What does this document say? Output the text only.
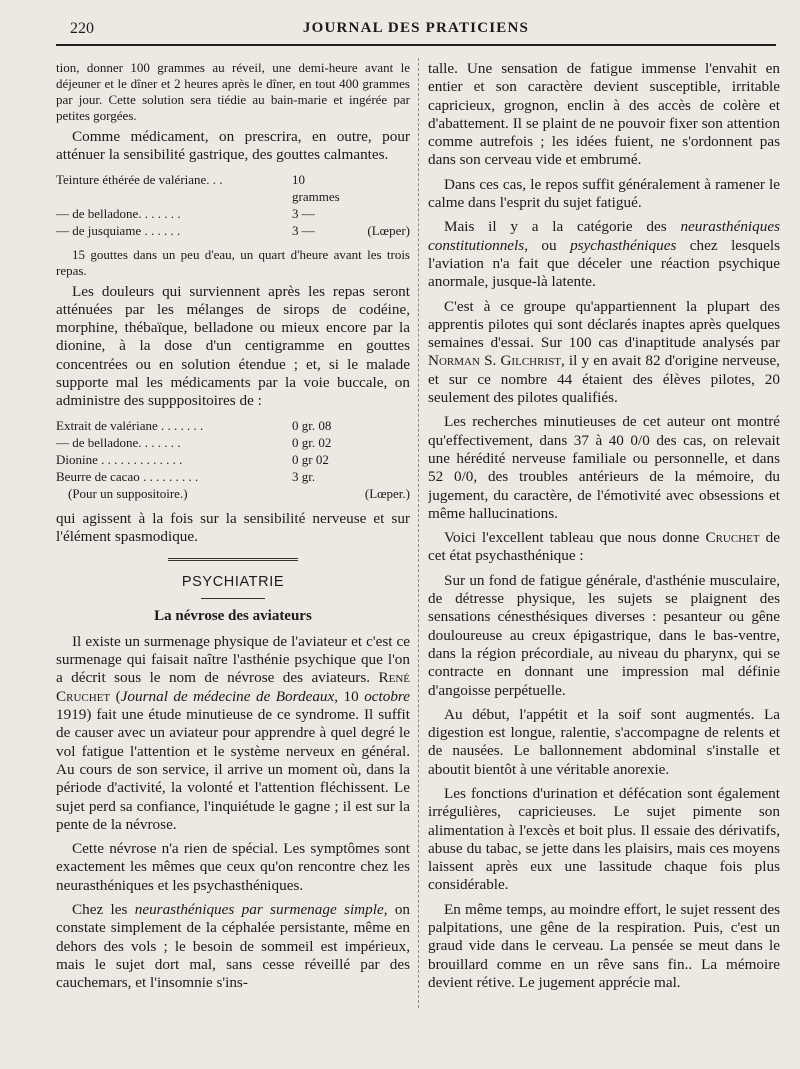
220	JOURNAL DES PRATICIENS

tion, donner 100 grammes au réveil, une demi-heure avant le déjeuner et le dîner et 2 heures après le dîner, en tout 400 grammes par jour. Cette solution sera tiédie au bain-marie et ingérée par petites gorgées.

Comme médicament, on prescrira, en outre, pour atténuer la sensibilité gastrique, des gouttes calmantes.

Teinture éthérée de valériane. . .	10 grammes
— de belladone. . . . . . .	3 —
— de jusquiame . . . . . .	3 —	(Lœper)

15 gouttes dans un peu d'eau, un quart d'heure avant les trois repas.

Les douleurs qui surviennent après les repas seront atténuées par les mélanges de sirops de codéine, morphine, thébaïque, belladone ou mieux encore par la dionine, à la dose d'un centigramme en gouttes concentrées ou en solution étendue ; et, si le malade supporte mal les médicaments par la voie buccale, on administre des supppositoires de :

Extrait de valériane . . . . . . .	0 gr. 08
— de belladone. . . . . . .	0 gr. 02
Dionine . . . . . . . . . . . . .	0 gr 02
Beurre de cacao . . . . . . . . .	3 gr.
(Pour un suppositoire.)	(Lœper.)

qui agissent à la fois sur la sensibilité nerveuse et sur l'élément spasmodique.

PSYCHIATRIE
La névrose des aviateurs

Il existe un surmenage physique de l'aviateur et c'est ce surmenage qui faisait naître l'asthénie psychique que l'on a décrit sous le nom de névrose des aviateurs. René Cruchet (Journal de médecine de Bordeaux, 10 octobre 1919) fait une étude minutieuse de ce syndrome. Il suffit de causer avec un aviateur pour apprendre à quel degré le vol fatigue l'attention et le système nerveux en général. Au cours de son service, il arrive un moment où, dans la période d'activité, la volonté et l'attention fléchissent. Le sujet perd sa confiance, l'inquiétude le gagne ; il est sur la pente de la névrose.

Cette névrose n'a rien de spécial. Les symptômes sont exactement les mêmes que ceux qu'on rencontre chez les neurasthéniques et les psychasthéniques.

Chez les neurasthéniques par surmenage simple, on constate simplement de la céphalée persistante, même en dehors des vols ; le besoin de sommeil est impérieux, mais le sujet dort mal, sans cesse réveillé par des cauchemars, et l'insomnie s'ins-

talle. Une sensation de fatigue immense l'envahit en entier et son caractère devient susceptible, irritable capricieux, grognon, enclin à des accès de colère et d'abattement. Il se plaint de ne pouvoir fixer son attention comme autrefois ; les idées fuient, ne s'ordonnent pas dans son cerveau vide et embrumé.

Dans ces cas, le repos suffit généralement à ramener le calme dans l'esprit du sujet fatigué.

Mais il y a la catégorie des neurasthéniques constitutionnels, ou psychasthéniques chez lesquels l'aviation n'a fait que déceler une réaction psychique anormale, jusque-là latente.

C'est à ce groupe qu'appartiennent la plupart des apprentis pilotes qui sont déclarés inaptes après quelques semaines d'essai. Sur 100 cas d'inaptitude analysés par Norman S. Gilchrist, il y en avait 82 d'origine nerveuse, et sur ce nombre 44 étaient des élèves pilotes, 20 seulement des pilotes qualifiés.

Les recherches minutieuses de cet auteur ont montré qu'effectivement, dans 37 à 40 0/0 des cas, on relevait une hérédité nerveuse familiale ou personnelle, et dans 52 0/0, des troubles antérieurs de la mémoire, du jugement, du caractère, de l'émotivité avec obsessions et même hallucinations.

Voici l'excellent tableau que nous donne Cruchet de cet état psychasthénique :

Sur un fond de fatigue générale, d'asthénie musculaire, de détresse physique, les sujets se plaignent des sensations cénesthésiques diverses : pesanteur ou gêne douloureuse au creux épigastrique, dans le bas-ventre, dans la région précordiale, au niveau du pharynx, qui se contracte en donnant une impression mal définie d'angoisse perpétuelle.

Au début, l'appétit et la soif sont augmentés. La digestion est longue, ralentie, s'accompagne de relents et de nausées. Le ballonnement abdominal s'installe et aboutit bientôt à une véritable anorexie.

Les fonctions d'urination et défécation sont également irrégulières, capricieuses. Le sujet pimente son alimentation à l'excès et boit plus. Il essaie des dérivatifs, abuse du tabac, se jette dans les plaisirs, mais ces moyens laissent après eux une lassitude chaque fois plus considérable.

En même temps, au moindre effort, le sujet ressent des palpitations, une gêne de la respiration. Puis, c'est un graud vide dans le cerveau. La pensée se meut dans le brouillard comme en un rêve sans fin.. La mémoire devient rétive. Le jugement apprécie mal.
